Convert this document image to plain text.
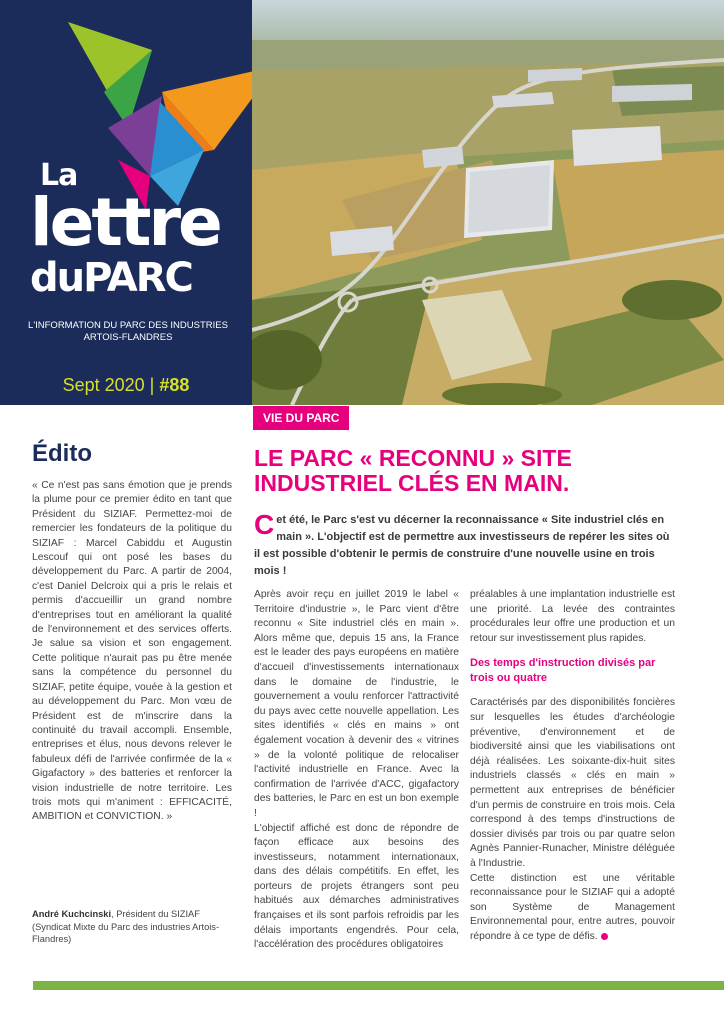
La
lettre
duPARC
L'INFORMATION DU PARC DES INDUSTRIES ARTOIS-FLANDRES
Sept 2020 | #88
VIE DU PARC
Édito
« Ce n'est pas sans émotion que je prends la plume pour ce premier édito en tant que Président du SIZIAF. Permettez-moi de remercier les fondateurs de la politique du SIZIAF : Marcel Cabiddu et Augustin Lescouf qui ont posé les bases du développement du Parc. A partir de 2004, c'est Daniel Delcroix qui a pris le relais et permis d'accueillir un grand nombre d'entreprises tout en améliorant la qualité de l'environnement et des services offerts. Je salue sa vision et son engagement. Cette politique n'aurait pas pu être menée sans la compétence du personnel du SIZIAF, petite équipe, vouée à la gestion et au développement du Parc. Mon vœu de Président est de m'inscrire dans la continuité du travail accompli. Ensemble, entreprises et élus, nous devons relever le fabuleux défi de l'arrivée confirmée de la « Gigafactory » des batteries et renforcer la vision industrielle de notre territoire. Les trois mots qui m'animent : EFFICACITÉ, AMBITION et CONVICTION. »
André Kuchcinski, Président du SIZIAF
(Syndicat Mixte du Parc des industries Artois-Flandres)
LE PARC « RECONNU » SITE INDUSTRIEL CLÉS EN MAIN.
Cet été, le Parc s'est vu décerner la reconnaissance « Site industriel clés en main ». L'objectif est de permettre aux investisseurs de repérer les sites où il est possible d'obtenir le permis de construire d'une nouvelle usine en trois mois !
Après avoir reçu en juillet 2019 le label « Territoire d'industrie », le Parc vient d'être reconnu « Site industriel clés en main ». Alors même que, depuis 15 ans, la France est le leader des pays européens en matière d'accueil d'investissements internationaux dans le domaine de l'industrie, le gouvernement a voulu renforcer l'attractivité du pays avec cette nouvelle appellation. Les sites identifiés « clés en mains » ont également vocation à devenir des « vitrines » de la volonté politique de relocaliser l'activité industrielle en France. Avec la confirmation de l'arrivée d'ACC, gigafactory des batteries, le Parc en est un bon exemple !
L'objectif affiché est donc de répondre de façon efficace aux besoins des investisseurs, notamment internationaux, dans des délais compétitifs. En effet, les porteurs de projets étrangers sont peu habitués aux démarches administratives françaises et ils sont parfois refroidis par les délais importants engendrés. Pour cela, l'accélération des procédures obligatoires
préalables à une implantation industrielle est une priorité. La levée des contraintes procédurales leur offre une production et un retour sur investissement plus rapides.
Des temps d'instruction divisés par trois ou quatre
Caractérisés par des disponibilités foncières sur lesquelles les études d'archéologie préventive, d'environnement et de biodiversité ainsi que les viabilisations ont déjà réalisées. Les soixante-dix-huit sites industriels classés « clés en main » permettent aux entreprises de bénéficier d'un permis de construire en trois mois. Cela correspond à des temps d'instructions de dossier divisés par trois ou par quatre selon Agnès Pannier-Runacher, Ministre déléguée à l'Industrie.
Cette distinction est une véritable reconnaissance pour le SIZIAF qui a adopté son Système de Management Environnemental pour, entre autres, pouvoir répondre à ce type de défis.
